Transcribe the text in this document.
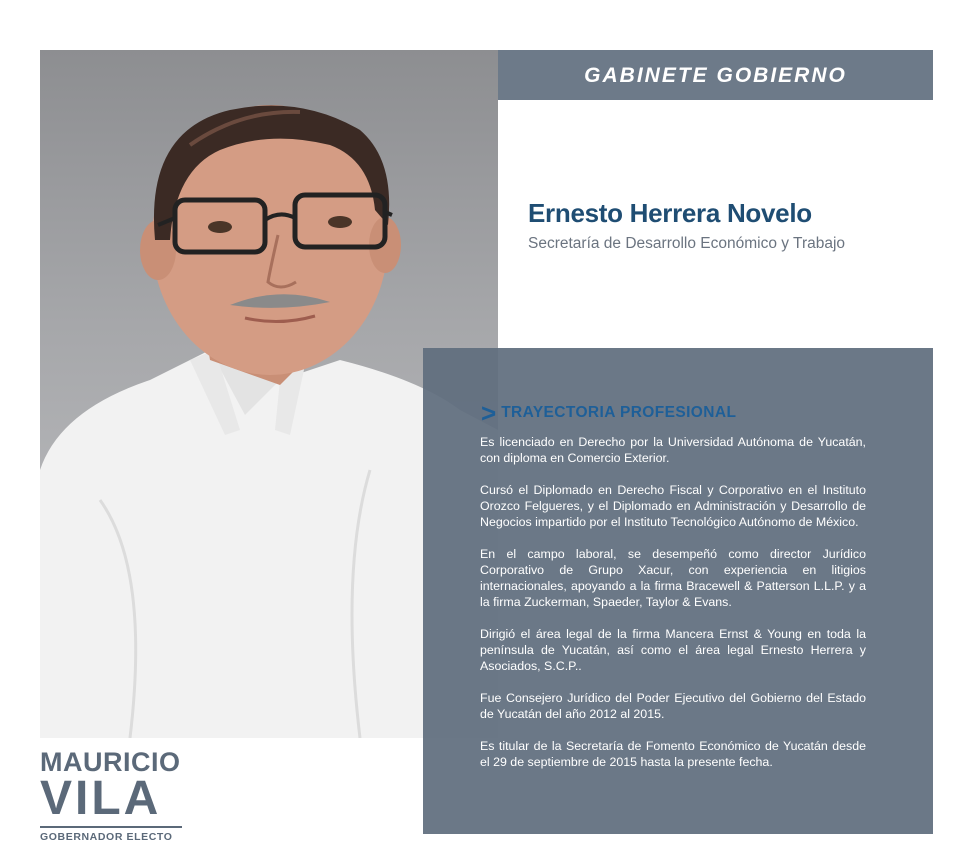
GABINETE GOBIERNO
Ernesto Herrera Novelo
Secretaría de Desarrollo Económico y Trabajo
> TRAYECTORIA PROFESIONAL

Es licenciado en Derecho por la Universidad Autónoma de Yucatán, con diploma en Comercio Exterior.

Cursó el Diplomado en Derecho Fiscal y Corporativo en el Instituto Orozco Felgueres, y el Diplomado en Administración y Desarrollo de Negocios impartido por el Instituto Tecnológico Autónomo de México.

En el campo laboral, se desempeñó como director Jurídico Corporativo de Grupo Xacur, con experiencia en litigios internacionales, apoyando a la firma Bracewell & Patterson L.L.P. y a la firma Zuckerman, Spaeder, Taylor & Evans.

Dirigió el área legal de la firma Mancera Ernst & Young en toda la península de Yucatán, así como el área legal Ernesto Herrera y Asociados, S.C.P..

Fue Consejero Jurídico del Poder Ejecutivo del Gobierno del Estado de Yucatán del año 2012 al 2015.

Es titular de la Secretaría de Fomento Económico de Yucatán desde el 29 de septiembre de 2015 hasta la presente fecha.

MAURICIO
VILA
GOBERNADOR ELECTO
